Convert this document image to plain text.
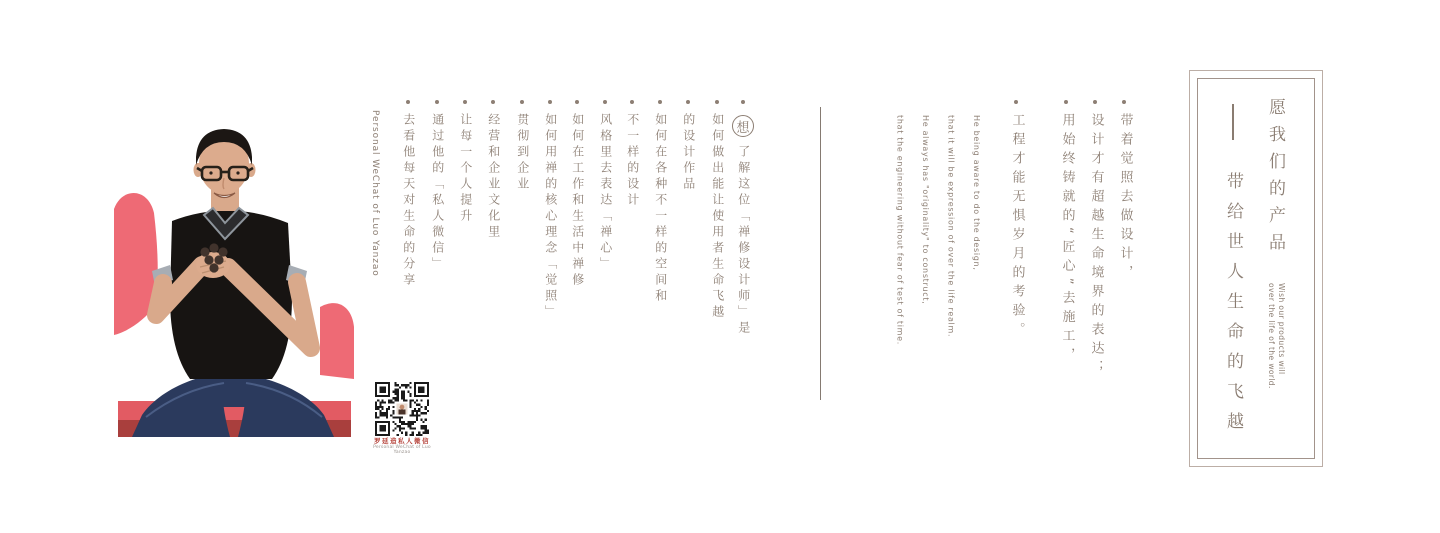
Personal WeChat of Luo Yanzao
罗延造私人微信
Personal WeChat of Luo Yanzao
想
了解这位「禅修设计师」是
如何做出能让使用者生命飞越
的设计作品
如何在各种不一样的空间和
不一样的设计
风格里去表达「禅心」
如何在工作和生活中禅修
如何用禅的核心理念「觉照」
贯彻到企业
经营和企业文化里
让每一个人提升
通过他的「私人微信」
去看他每天对生命的分享	He being aware to do the design,
that it will be expression of over the life realm.
He always has "originality" to construct,
that the engineering without fear of test of time.	带着觉照去做设计，
设计才有超越生命境界的表达；
用始终铸就的“匠心”去施工，
工程才能无惧岁月的考验。	愿我们的产品
Wish our products will
over the life of the world.
带给世人生命的飞越
